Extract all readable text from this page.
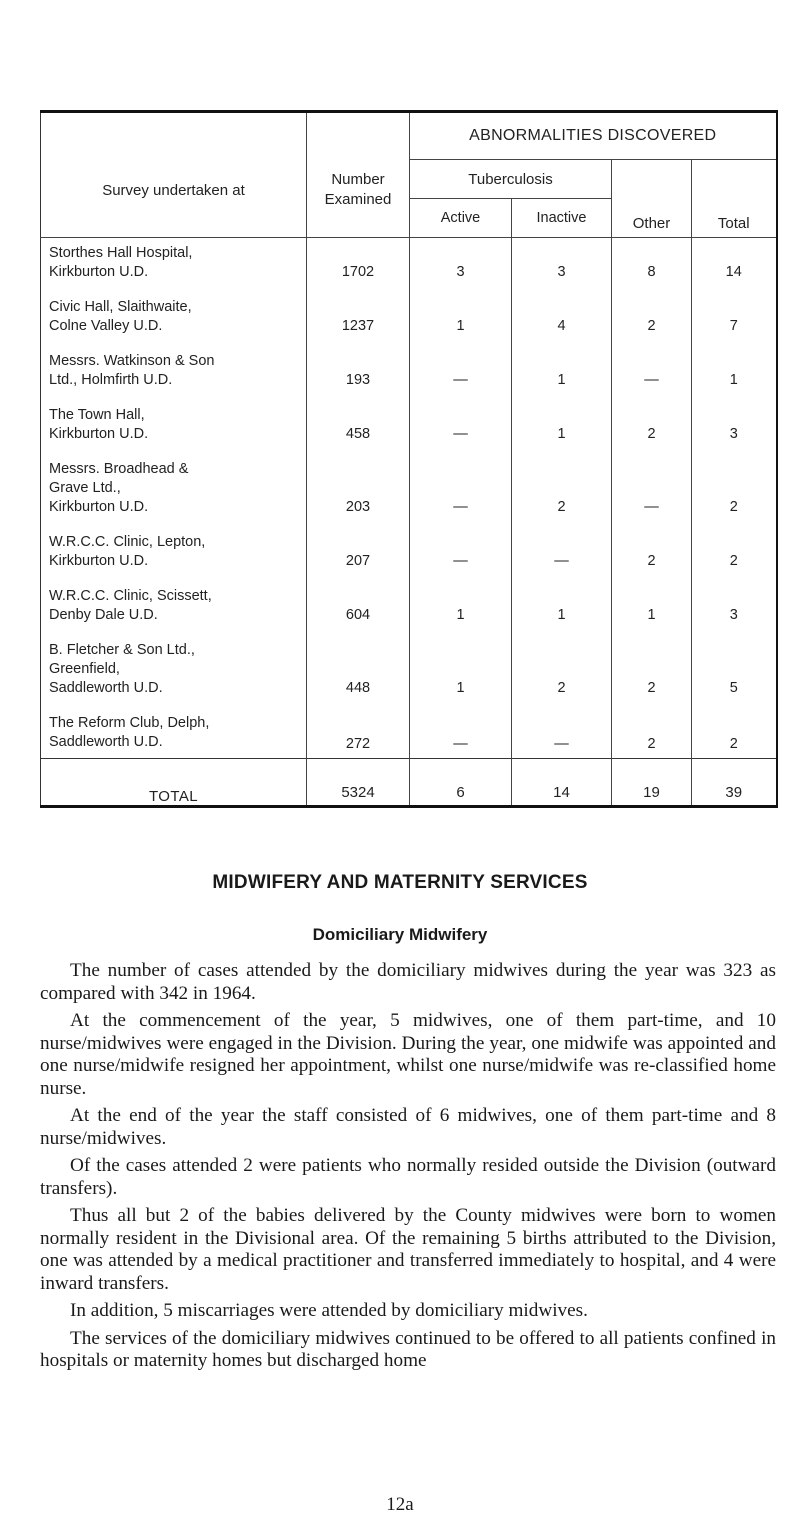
Survey undertaken at	Number Examined	ABNORMALITIES DISCOVERED			
		Tuberculosis		Other	Total
		Active	Inactive		

Storthes Hall Hospital,
Kirkburton U.D.	1702	3	3	8	14

Civic Hall, Slaithwaite,
Colne Valley U.D.	1237	1	4	2	7

Messrs. Watkinson & Son
Ltd., Holmfirth U.D.	193	—	1	—	1

The Town Hall,
Kirkburton U.D.	458	—	1	2	3

Messrs. Broadhead &
Grave Ltd.,
Kirkburton U.D.	203	—	2	—	2

W.R.C.C. Clinic, Lepton,
Kirkburton U.D.	207	—	—	2	2

W.R.C.C. Clinic, Scissett,
Denby Dale U.D.	604	1	1	1	3

B. Fletcher & Son Ltd.,
Greenfield,
Saddleworth U.D.	448	1	2	2	5

The Reform Club, Delph,
Saddleworth U.D.	272	—	—	2	2
TOTAL	5324	6	14	19	39
MIDWIFERY AND MATERNITY SERVICES
Domiciliary Midwifery

The number of cases attended by the domiciliary midwives during the year was 323 as compared with 342 in 1964.

At the commencement of the year, 5 midwives, one of them part-time, and 10 nurse/midwives were engaged in the Division. During the year, one midwife was appointed and one nurse/midwife resigned her appointment, whilst one nurse/midwife was re-classified home nurse.

At the end of the year the staff consisted of 6 midwives, one of them part-time and 8 nurse/midwives.

Of the cases attended 2 were patients who normally resided outside the Division (outward transfers).

Thus all but 2 of the babies delivered by the County midwives were born to women normally resident in the Divisional area. Of the remaining 5 births attributed to the Division, one was attended by a medical practitioner and transferred immediately to hospital, and 4 were inward transfers.

In addition, 5 miscarriages were attended by domiciliary midwives.

The services of the domiciliary midwives continued to be offered to all patients confined in hospitals or maternity homes but discharged home

12a
